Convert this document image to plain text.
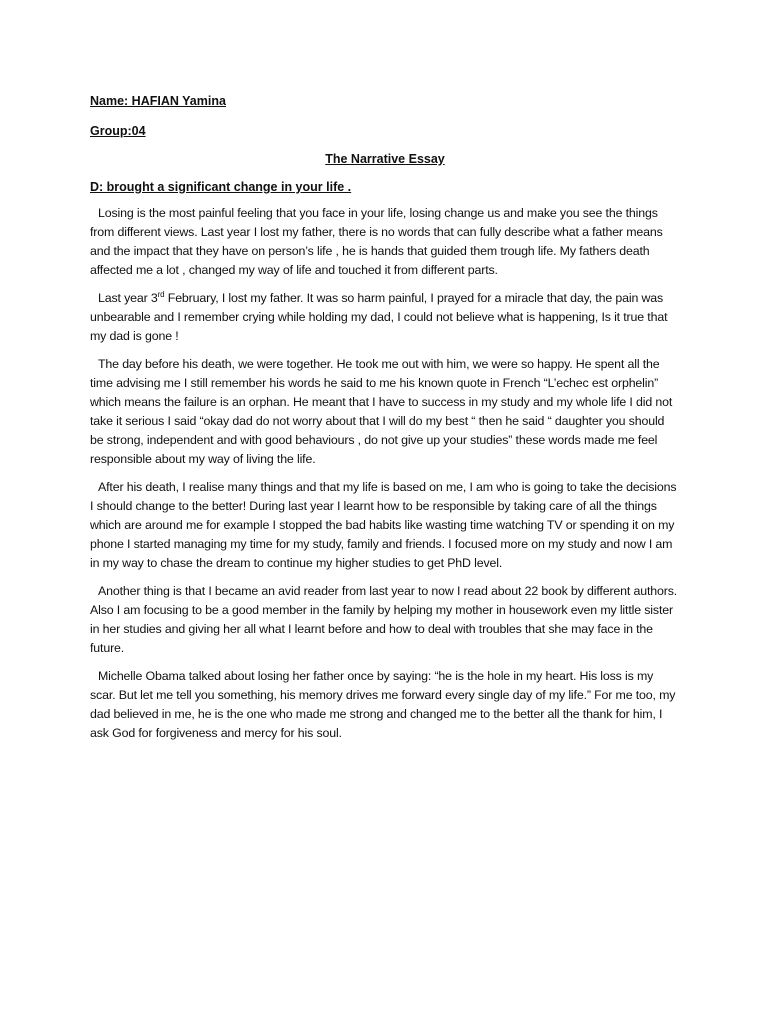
Name: HAFIAN Yamina

Group:04

The Narrative Essay

D: brought a significant change in your life .

Losing is the most painful feeling that you face in your life, losing change us and make you see the things from different views. Last year I lost my father, there is no words that can fully describe what a father means and the impact that they have on person’s life , he is hands that guided them trough life. My fathers death affected me a lot , changed my way of life and touched it from different parts.

Last year 3rd February, I lost my father. It was so harm painful, I prayed for a miracle that day, the pain was unbearable and I remember crying while holding my dad, I could not believe what is happening, Is it true that my dad is gone !

The day before his death, we were together. He took me out with him, we were so happy. He spent all the time advising me I still remember his words he said to me his known quote in French “L’echec est orphelin” which means the failure is an orphan. He meant that I have to success in my study and my whole life I did not take it serious I said “okay dad do not worry about that I will do my best “ then he said “ daughter you should be strong, independent and with good behaviours , do not give up your studies” these words made me feel responsible about my way of living the life.

After his death, I realise many things and that my life is based on me, I am who is going to take the decisions I should change to the better! During last year I learnt how to be responsible by taking care of all the things which are around me for example I stopped the bad habits like wasting time watching TV or spending it on my phone I started managing my time for my study, family and friends. I focused more on my study and now I am in my way to chase the dream to continue my higher studies to get PhD level.

Another thing is that I became an avid reader from last year to now I read about 22 book by different authors. Also I am focusing to be a good member in the family by helping my mother in housework even my little sister in her studies and giving her all what I learnt before and how to deal with troubles that she may face in the future.

Michelle Obama talked about losing her father once by saying: “he is the hole in my heart. His loss is my scar. But let me tell you something, his memory drives me forward every single day of my life.” For me too, my dad believed in me, he is the one who made me strong and changed me to the better all the thank for him, I ask God for forgiveness and mercy for his soul.
